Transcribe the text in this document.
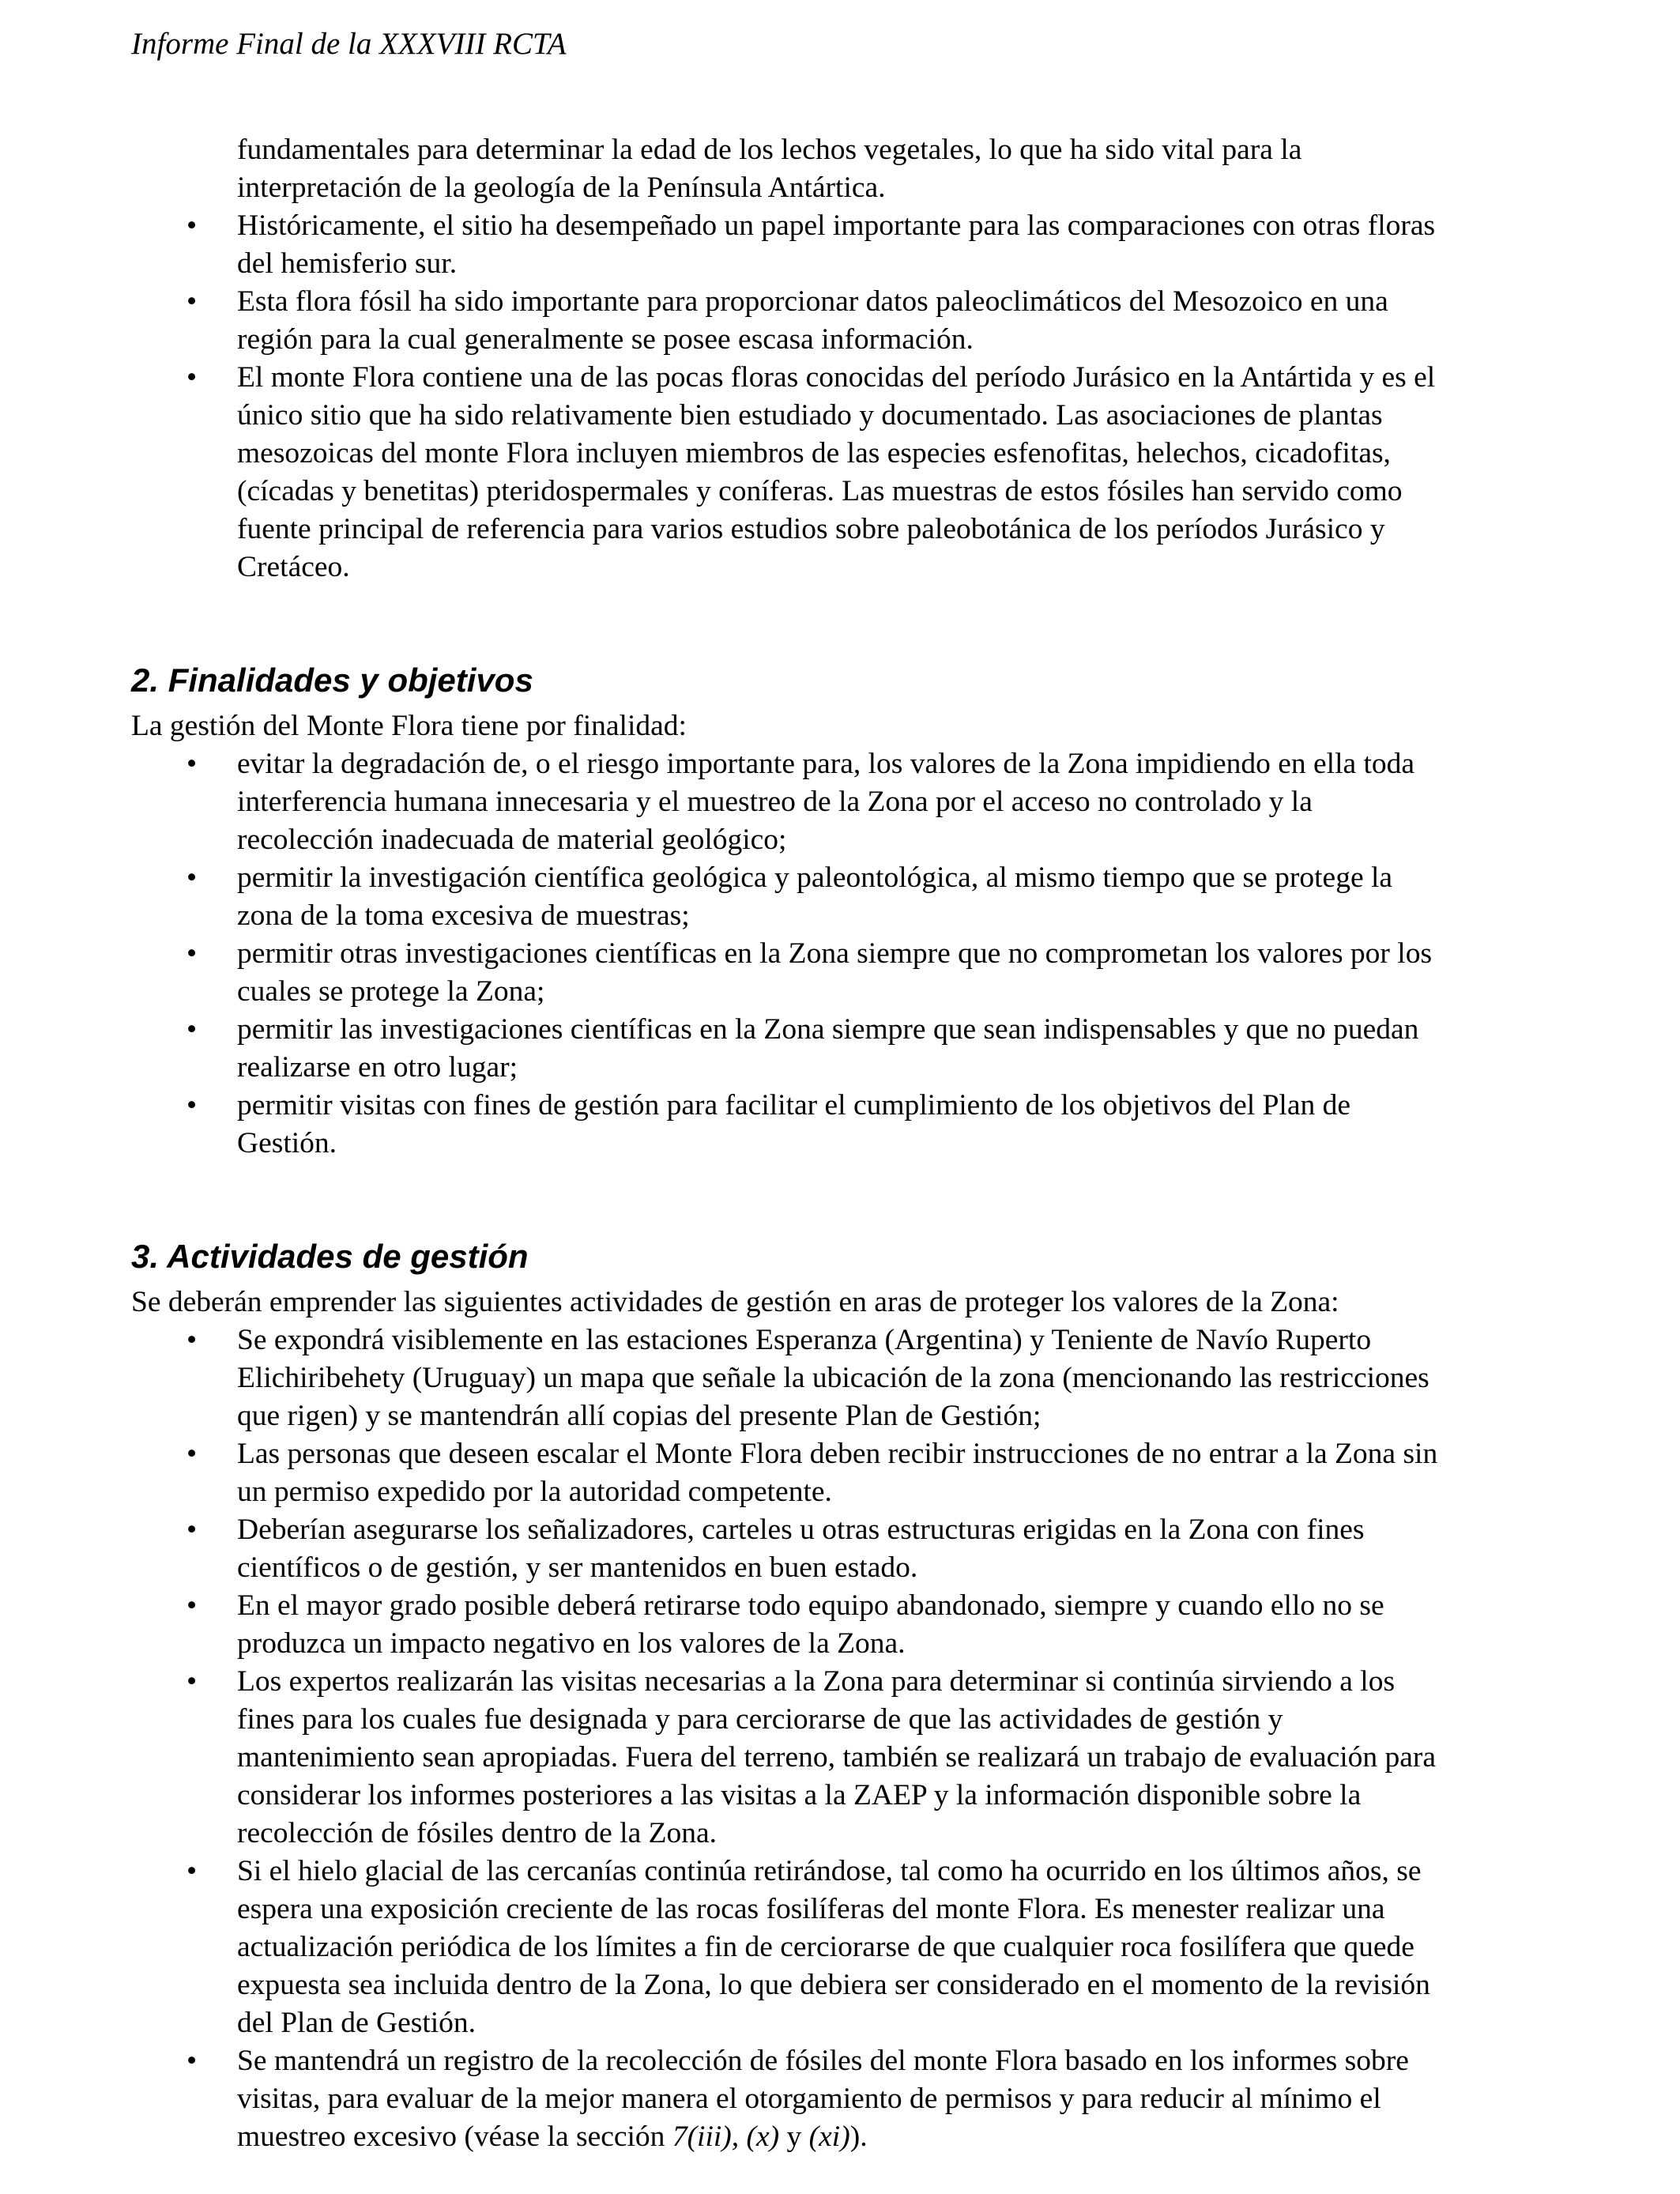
Informe Final de la XXXVIII RCTA
fundamentales para determinar la edad de los lechos vegetales, lo que ha sido vital para la
interpretación de la geología de la Península Antártica.
• Históricamente, el sitio ha desempeñado un papel importante para las comparaciones con otras floras
del hemisferio sur.
• Esta flora fósil ha sido importante para proporcionar datos paleoclimáticos del Mesozoico en una
región para la cual generalmente se posee escasa información.
• El monte Flora contiene una de las pocas floras conocidas del período Jurásico en la Antártida y es el
único sitio que ha sido relativamente bien estudiado y documentado. Las asociaciones de plantas
mesozoicas del monte Flora incluyen miembros de las especies esfenofitas, helechos, cicadofitas,
(cícadas y benetitas) pteridospermales y coníferas. Las muestras de estos fósiles han servido como
fuente principal de referencia para varios estudios sobre paleobotánica de los períodos Jurásico y
Cretáceo.
2. Finalidades y objetivos

La gestión del Monte Flora tiene por finalidad:

• evitar la degradación de, o el riesgo importante para, los valores de la Zona impidiendo en ella toda
interferencia humana innecesaria y el muestreo de la Zona por el acceso no controlado y la
recolección inadecuada de material geológico;
• permitir la investigación científica geológica y paleontológica, al mismo tiempo que se protege la
zona de la toma excesiva de muestras;
• permitir otras investigaciones científicas en la Zona siempre que no comprometan los valores por los
cuales se protege la Zona;
• permitir las investigaciones científicas en la Zona siempre que sean indispensables y que no puedan
realizarse en otro lugar;
• permitir visitas con fines de gestión para facilitar el cumplimiento de los objetivos del Plan de
Gestión.
3. Actividades de gestión

Se deberán emprender las siguientes actividades de gestión en aras de proteger los valores de la Zona:

• Se expondrá visiblemente en las estaciones Esperanza (Argentina) y Teniente de Navío Ruperto
Elichiribehety (Uruguay) un mapa que señale la ubicación de la zona (mencionando las restricciones
que rigen) y se mantendrán allí copias del presente Plan de Gestión;
• Las personas que deseen escalar el Monte Flora deben recibir instrucciones de no entrar a la Zona sin
un permiso expedido por la autoridad competente.
• Deberían asegurarse los señalizadores, carteles u otras estructuras erigidas en la Zona con fines
científicos o de gestión, y ser mantenidos en buen estado.
• En el mayor grado posible deberá retirarse todo equipo abandonado, siempre y cuando ello no se
produzca un impacto negativo en los valores de la Zona.
• Los expertos realizarán las visitas necesarias a la Zona para determinar si continúa sirviendo a los
fines para los cuales fue designada y para cerciorarse de que las actividades de gestión y
mantenimiento sean apropiadas. Fuera del terreno, también se realizará un trabajo de evaluación para
considerar los informes posteriores a las visitas a la ZAEP y la información disponible sobre la
recolección de fósiles dentro de la Zona.
• Si el hielo glacial de las cercanías continúa retirándose, tal como ha ocurrido en los últimos años, se
espera una exposición creciente de las rocas fosilíferas del monte Flora. Es menester realizar una
actualización periódica de los límites a fin de cerciorarse de que cualquier roca fosilífera que quede
expuesta sea incluida dentro de la Zona, lo que debiera ser considerado en el momento de la revisión
del Plan de Gestión.
• Se mantendrá un registro de la recolección de fósiles del monte Flora basado en los informes sobre
visitas, para evaluar de la mejor manera el otorgamiento de permisos y para reducir al mínimo el
muestreo excesivo (véase la sección 7(iii), (x) y (xi)).
